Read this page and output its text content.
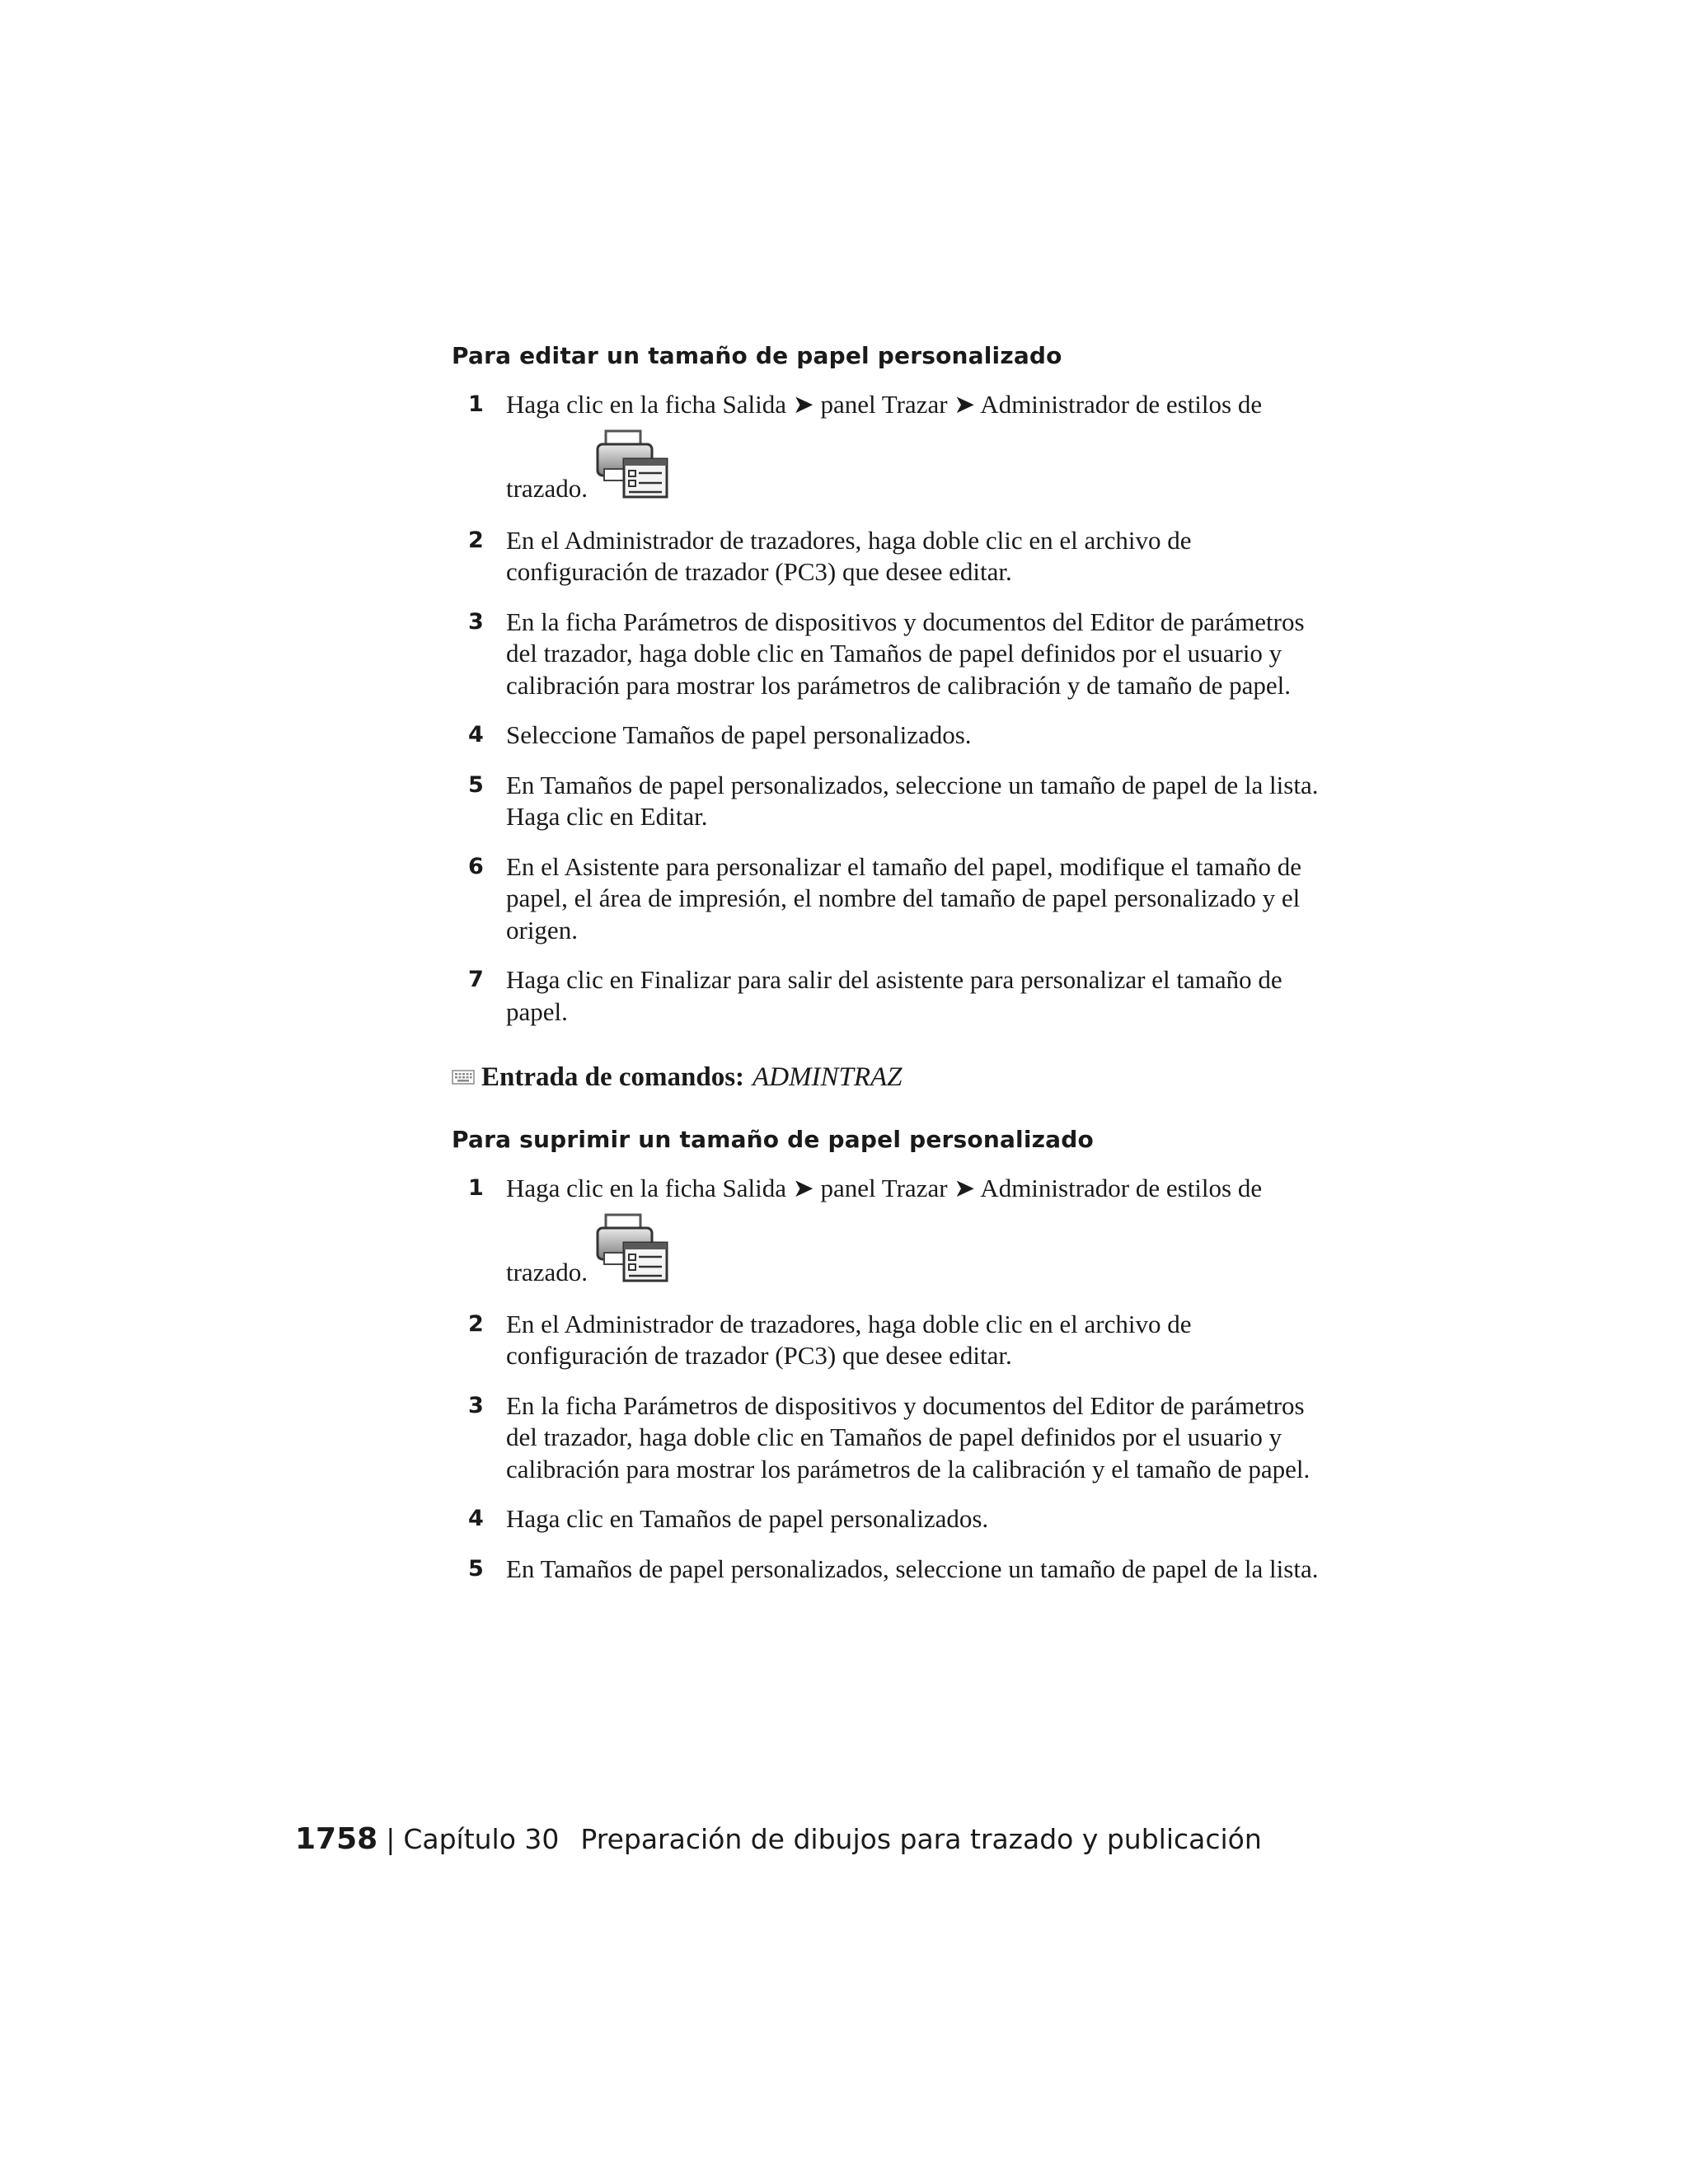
Para editar un tamaño de papel personalizado
1 Haga clic en la ficha Salida ➤ panel Trazar ➤ Administrador de estilos de
trazado.
2 En el Administrador de trazadores, haga doble clic en el archivo de configuración de trazador (PC3) que desee editar.
3 En la ficha Parámetros de dispositivos y documentos del Editor de parámetros del trazador, haga doble clic en Tamaños de papel definidos por el usuario y calibración para mostrar los parámetros de calibración y de tamaño de papel.
4 Seleccione Tamaños de papel personalizados.
5 En Tamaños de papel personalizados, seleccione un tamaño de papel de la lista. Haga clic en Editar.
6 En el Asistente para personalizar el tamaño del papel, modifique el tamaño de papel, el área de impresión, el nombre del tamaño de papel personalizado y el origen.
7 Haga clic en Finalizar para salir del asistente para personalizar el tamaño de papel.
Entrada de comandos: ADMINTRAZ
Para suprimir un tamaño de papel personalizado
1 Haga clic en la ficha Salida ➤ panel Trazar ➤ Administrador de estilos de
trazado.
2 En el Administrador de trazadores, haga doble clic en el archivo de configuración de trazador (PC3) que desee editar.
3 En la ficha Parámetros de dispositivos y documentos del Editor de parámetros del trazador, haga doble clic en Tamaños de papel definidos por el usuario y calibración para mostrar los parámetros de la calibración y el tamaño de papel.
4 Haga clic en Tamaños de papel personalizados.
5 En Tamaños de papel personalizados, seleccione un tamaño de papel de la lista.
1758 | Capítulo 30 Preparación de dibujos para trazado y publicación
